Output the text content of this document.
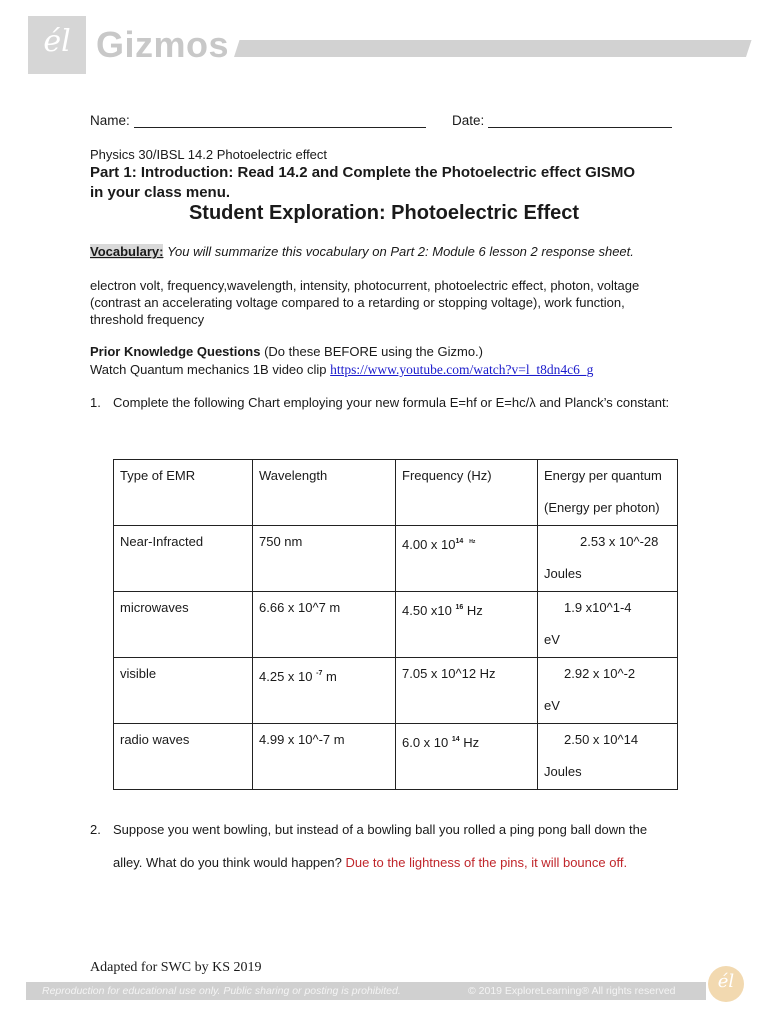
él Gizmos
Name:	Date:
Physics 30/IBSL 14.2 Photoelectric effect
Part 1: Introduction: Read 14.2 and Complete the Photoelectric effect GISMO in your class menu.
Student Exploration: Photoelectric Effect
Vocabulary: You will summarize this vocabulary on Part 2: Module 6 lesson 2 response sheet.
electron volt, frequency,wavelength, intensity, photocurrent, photoelectric effect, photon, voltage (contrast an accelerating voltage compared to a retarding or stopping voltage), work function, threshold frequency
Prior Knowledge Questions (Do these BEFORE using the Gizmo.)
Watch Quantum mechanics 1B video clip https://www.youtube.com/watch?v=l_t8dn4c6_g
1. Complete the following Chart employing your new formula E=hf or E=hc/λ and Planck’s constant:
Type of EMR	Wavelength	Frequency (Hz)	Energy per quantum
(Energy per photon)

Near-Infracted	750 nm	4.00 x $10^{14}$ $^{Hz}$	2.53 x 10^-28
Joules

microwaves	6.66 x 10^7 m	4.50 x10 $^{16}$ Hz	1.9 x10^1-4
eV

visible	4.25 x 10 $^{-7}$ m	7.05 x 10^12 Hz	2.92 x 10^-2
eV

radio waves	4.99 x 10^-7 m	6.0 x 10 $^{14}$ Hz	2.50 x 10^14
Joules
2. Suppose you went bowling, but instead of a bowling ball you rolled a ping pong ball down the alley. What do you think would happen? Due to the lightness of the pins, it will bounce off.
Adapted for SWC by KS 2019
Reproduction for educational use only. Public sharing or posting is prohibited.	© 2019 ExploreLearning® All rights reserved	él
